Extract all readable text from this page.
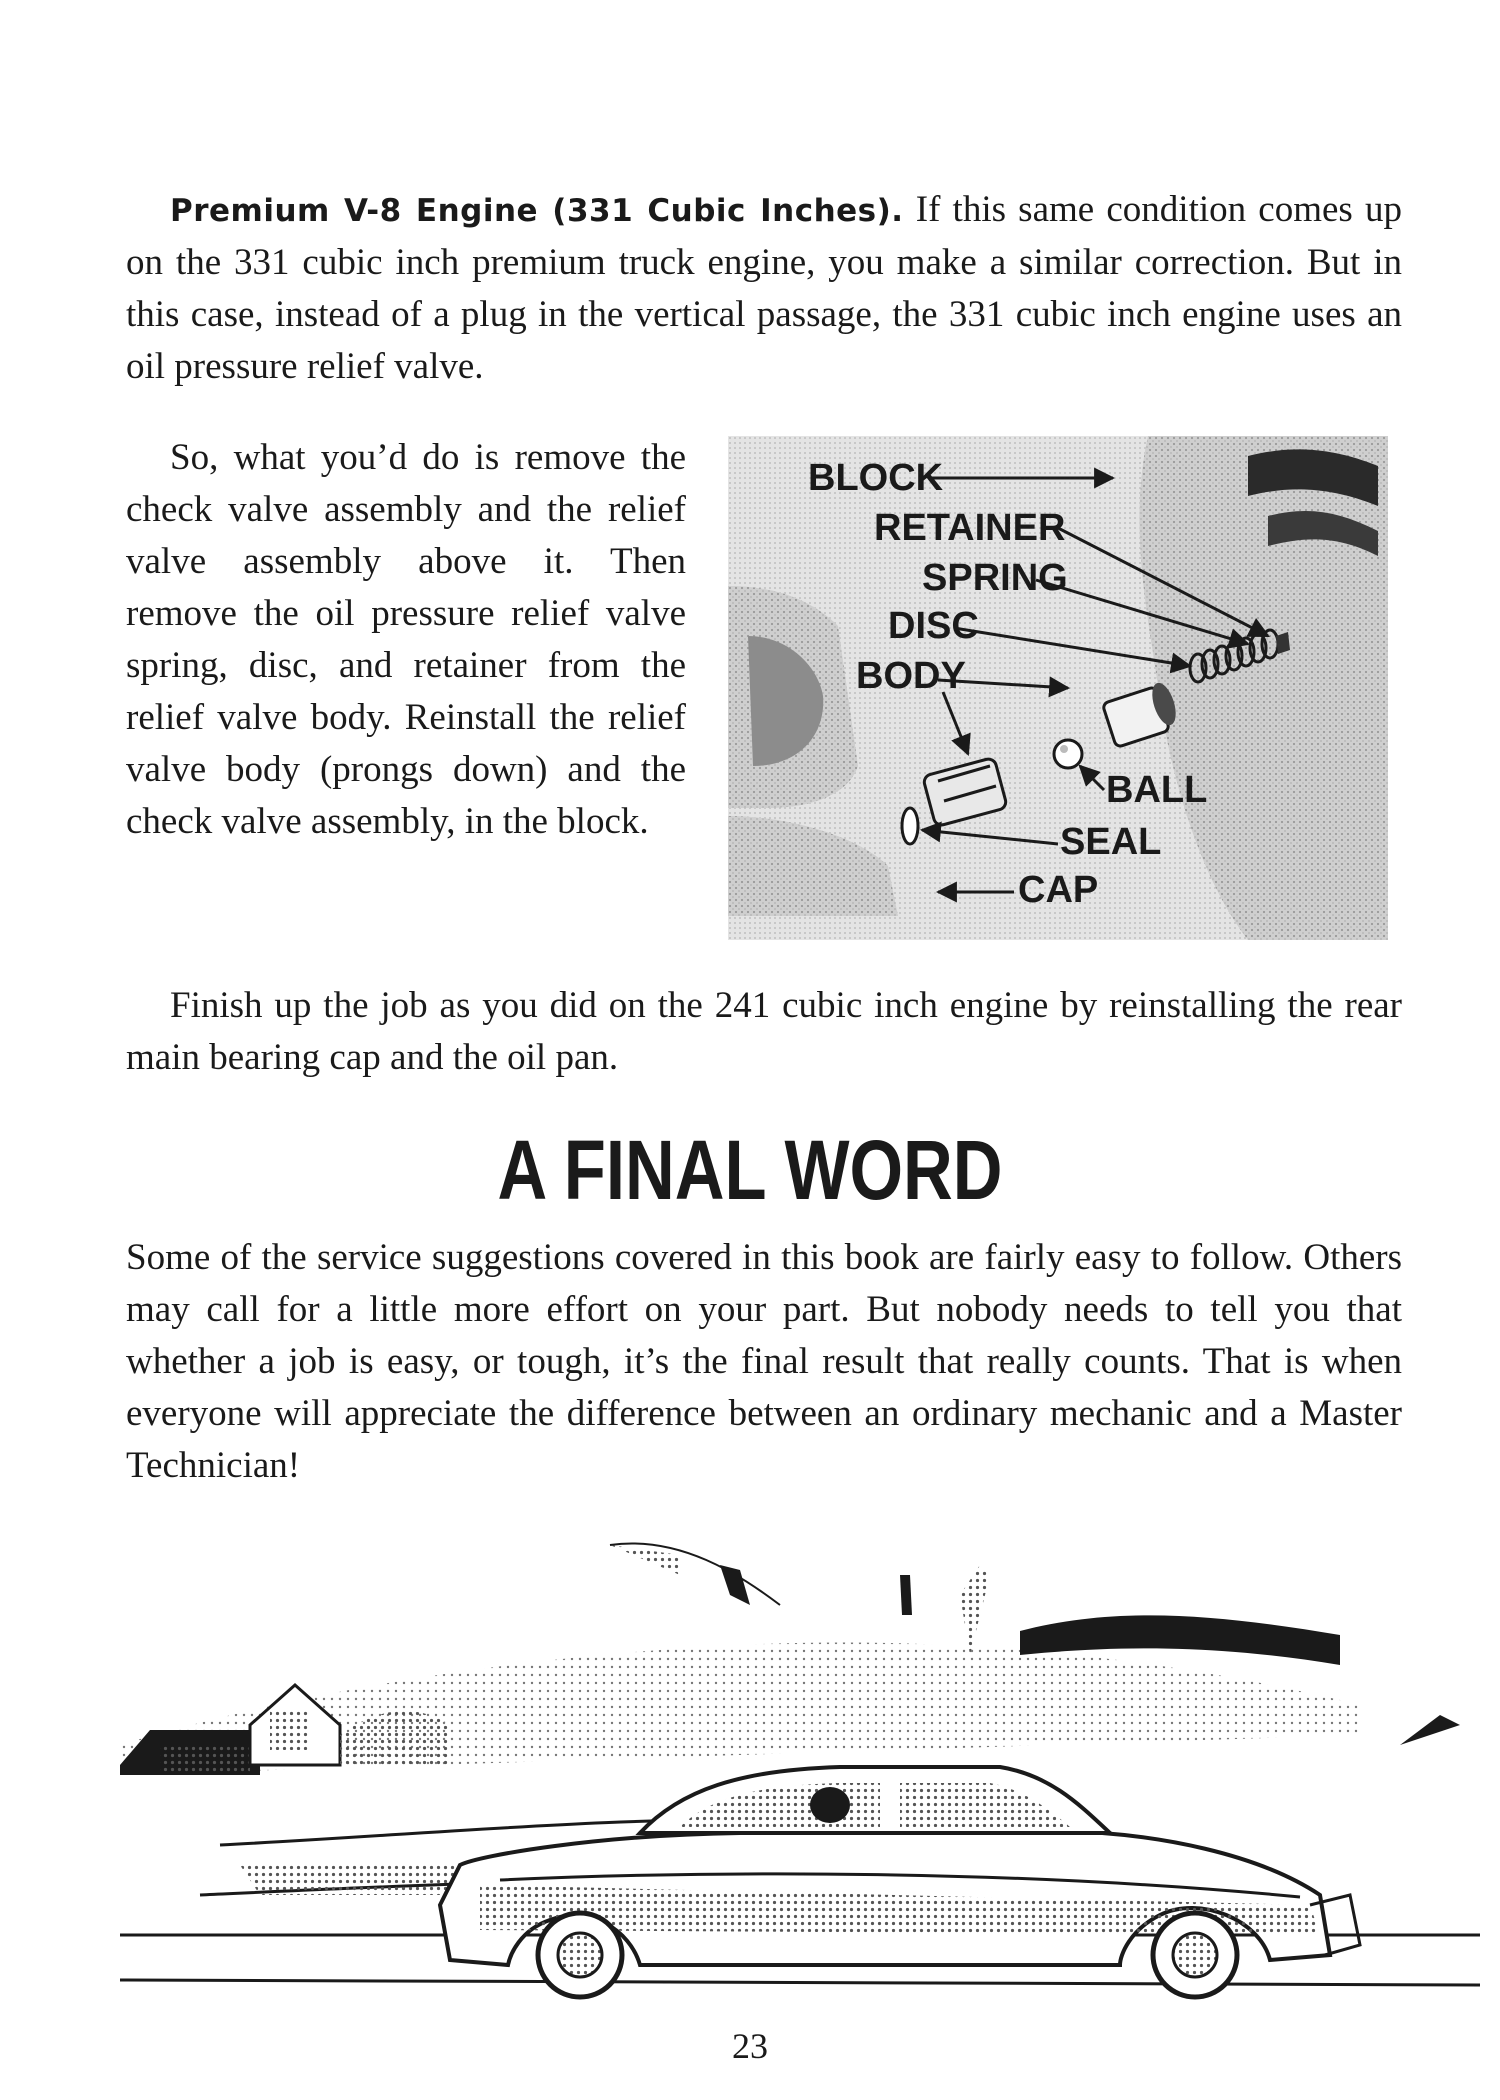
Premium V-8 Engine (331 Cubic Inches). If this same condition comes up on the 331 cubic inch premium truck engine, you make a similar correction. But in this case, instead of a plug in the vertical passage, the 331 cubic inch engine uses an oil pressure relief valve.

So, what you’d do is remove the check valve assembly and the relief valve assembly above it. Then remove the oil pressure relief valve spring, disc, and retainer from the relief valve body. Reinstall the relief valve body (prongs down) and the check valve assembly, in the block.

BLOCK
RETAINER
SPRING
DISC
BODY
BALL
SEAL
CAP

Finish up the job as you did on the 241 cubic inch engine by reinstalling the rear main bearing cap and the oil pan.

A FINAL WORD

Some of the service suggestions covered in this book are fairly easy to follow. Others may call for a little more effort on your part. But nobody needs to tell you that whether a job is easy, or tough, it’s the final result that really counts. That is when everyone will appreciate the difference between an ordinary mechanic and a Master Technician!

23
